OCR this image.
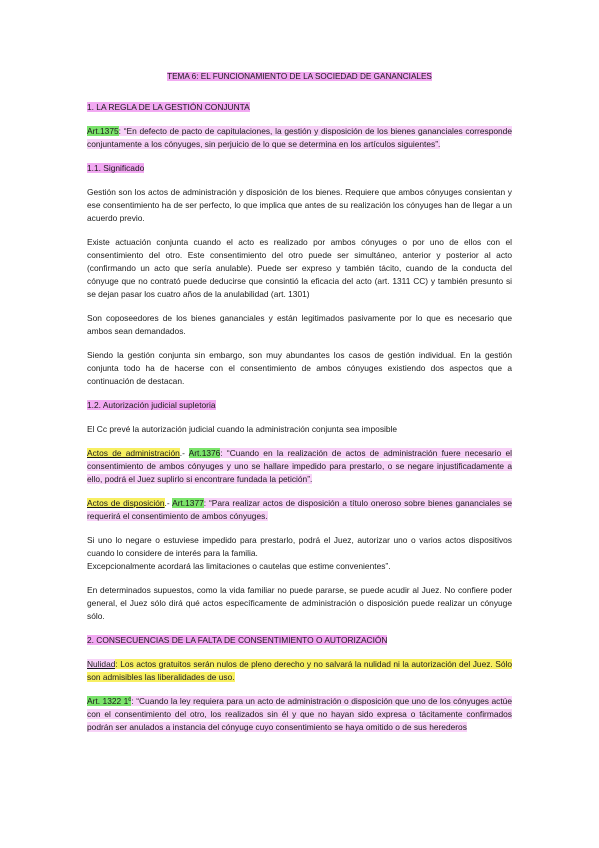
TEMA 6: EL FUNCIONAMIENTO DE LA SOCIEDAD DE GANANCIALES
1. LA REGLA DE LA GESTIÓN CONJUNTA
Art.1375: “En defecto de pacto de capitulaciones, la gestión y disposición de los bienes gananciales corresponde conjuntamente a los cónyuges, sin perjuicio de lo que se determina en los artículos siguientes”.
1.1. Significado
Gestión son los actos de administración y disposición de los bienes. Requiere que ambos cónyuges consientan y ese consentimiento ha de ser perfecto, lo que implica que antes de su realización los cónyuges han de llegar a un acuerdo previo.
Existe actuación conjunta cuando el acto es realizado por ambos cónyuges o por uno de ellos con el consentimiento del otro. Este consentimiento del otro puede ser simultáneo, anterior y posterior al acto (confirmando un acto que sería anulable). Puede ser expreso y también tácito, cuando de la conducta del cónyuge que no contrató puede deducirse que consintió la eficacia del acto (art. 1311 CC) y también presunto si se dejan pasar los cuatro años de la anulabilidad (art. 1301)
Son coposeedores de los bienes gananciales y están legitimados pasivamente por lo que es necesario que ambos sean demandados.
Siendo la gestión conjunta sin embargo, son muy abundantes los casos de gestión individual. En la gestión conjunta todo ha de hacerse con el consentimiento de ambos cónyuges existiendo dos aspectos que a continuación de destacan.
1.2. Autorización judicial supletoria
El Cc prevé la autorización judicial cuando la administración conjunta sea imposible
Actos de administración.- Art.1376: “Cuando en la realización de actos de administración fuere necesario el consentimiento de ambos cónyuges y uno se hallare impedido para prestarlo, o se negare injustificadamente a ello, podrá el Juez suplirlo si encontrare fundada la petición”.
Actos de disposición.- Art.1377: “Para realizar actos de disposición a título oneroso sobre bienes gananciales se requerirá el consentimiento de ambos cónyuges.
Si uno lo negare o estuviese impedido para prestarlo, podrá el Juez, autorizar uno o varios actos dispositivos cuando lo considere de interés para la familia.
Excepcionalmente acordará las limitaciones o cautelas que estime convenientes”.
En determinados supuestos, como la vida familiar no puede pararse, se puede acudir al Juez. No confiere poder general, el Juez sólo dirá qué actos específicamente de administración o disposición puede realizar un cónyuge sólo.
2. CONSECUENCIAS DE LA FALTA DE CONSENTIMIENTO O AUTORIZACIÓN
Nulidad: Los actos gratuitos serán nulos de pleno derecho y no salvará la nulidad ni la autorización del Juez. Sólo son admisibles las liberalidades de uso.
Art. 1322 1º: “Cuando la ley requiera para un acto de administración o disposición que uno de los cónyuges actúe con el consentimiento del otro, los realizados sin él y que no hayan sido expresa o tácitamente confirmados podrán ser anulados a instancia del cónyuge cuyo consentimiento se haya omitido o de sus herederos
